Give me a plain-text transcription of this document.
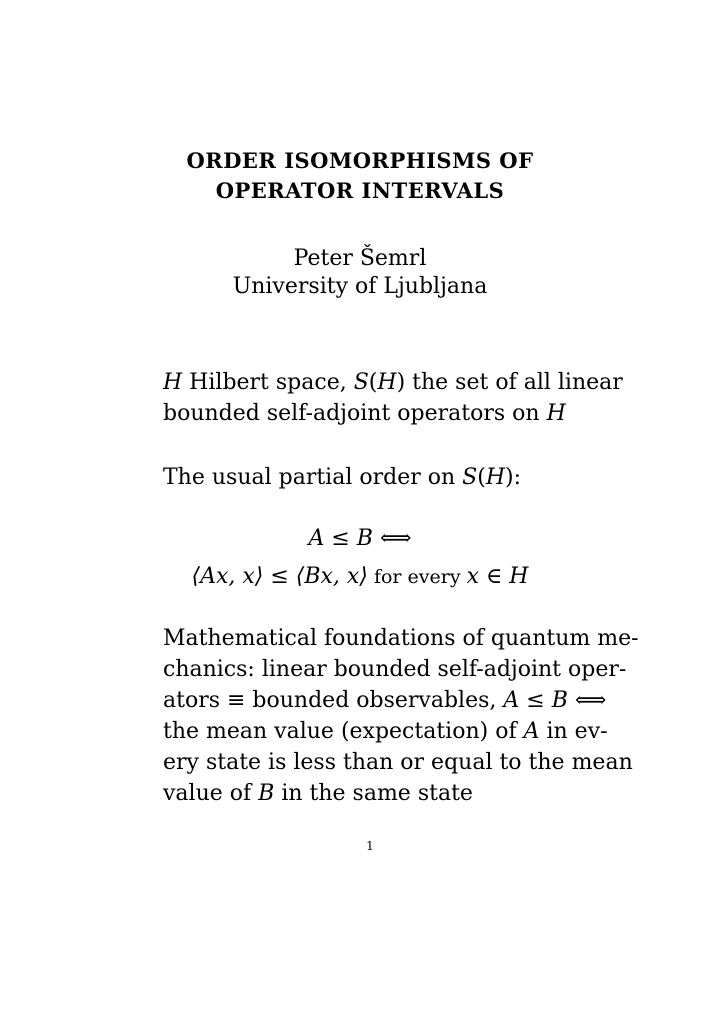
ORDER ISOMORPHISMS OF
OPERATOR INTERVALS
Peter Šemrl
University of Ljubljana
H Hilbert space, S(H) the set of all linear
bounded self-adjoint operators on H
The usual partial order on S(H):
A ≤ B ⟺
⟨Ax, x⟩ ≤ ⟨Bx, x⟩ for every x ∈ H
Mathematical foundations of quantum me-
chanics: linear bounded self-adjoint oper-
ators ≡ bounded observables, A ≤ B ⟺
the mean value (expectation) of A in ev-
ery state is less than or equal to the mean
value of B in the same state
1
